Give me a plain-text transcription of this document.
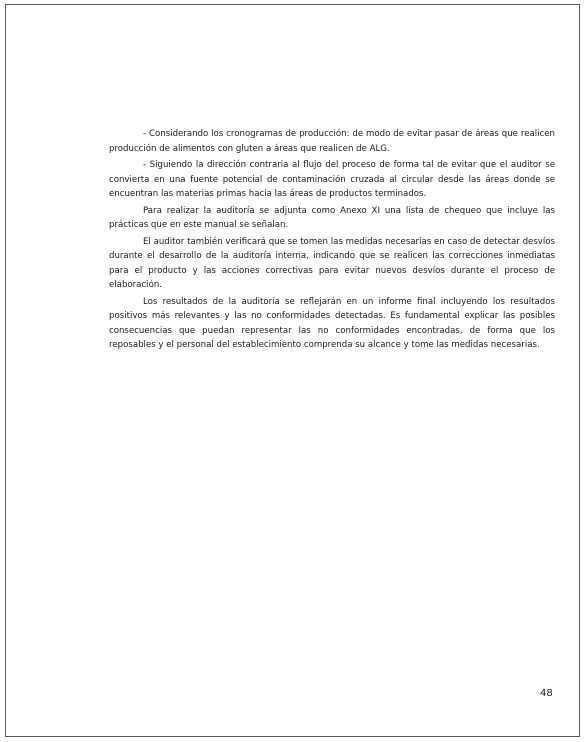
- Considerando los cronogramas de producción: de modo de evitar pasar de áreas que realicen producción de alimentos con gluten a áreas que realicen de ALG.

- Siguiendo la dirección contraria al flujo del proceso de forma tal de evitar que el auditor se convierta en una fuente potencial de contaminación cruzada al circular desde las áreas donde se encuentran las materias primas hacia las áreas de productos terminados.

Para realizar la auditoría se adjunta como Anexo XI una lista de chequeo que incluye las prácticas que en este manual se señalan.

El auditor también verificará que se tomen las medidas necesarias en caso de detectar desvíos durante el desarrollo de la auditoría interna, indicando que se realicen las correcciones inmediatas para el producto y las acciones correctivas para evitar nuevos desvíos durante el proceso de elaboración.

Los resultados de la auditoría se reflejarán en un informe final incluyendo los resultados positivos más relevantes y las no conformidades detectadas. Es fundamental explicar las posibles consecuencias que puedan representar las no conformidades encontradas, de forma que los reposables y el personal del establecimiento comprenda su alcance y tome las medidas necesarias.

48
